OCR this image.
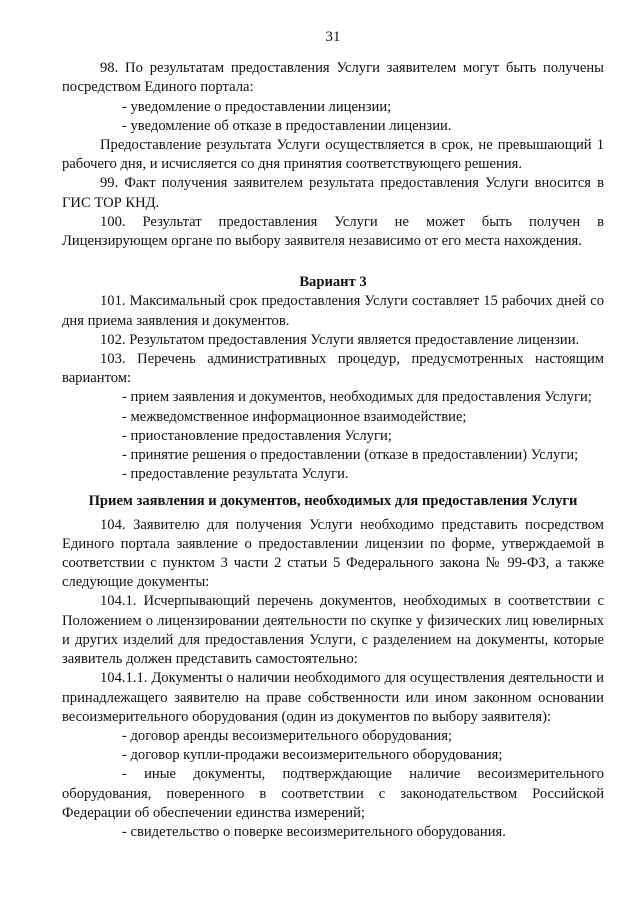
31

98. По результатам предоставления Услуги заявителем могут быть получены посредством Единого портала:

- уведомление о предоставлении лицензии;

- уведомление об отказе в предоставлении лицензии.

Предоставление результата Услуги осуществляется в срок, не превышающий 1 рабочего дня, и исчисляется со дня принятия соответствующего решения.

99. Факт получения заявителем результата предоставления Услуги вносится в ГИС ТОР КНД.

100. Результат предоставления Услуги не может быть получен в Лицензирующем органе по выбору заявителя независимо от его места нахождения.

Вариант 3

101. Максимальный срок предоставления Услуги составляет 15 рабочих дней со дня приема заявления и документов.

102. Результатом предоставления Услуги является предоставление лицензии.

103. Перечень административных процедур, предусмотренных настоящим вариантом:

- прием заявления и документов, необходимых для предоставления Услуги;

- межведомственное информационное взаимодействие;

- приостановление предоставления Услуги;

- принятие решения о предоставлении (отказе в предоставлении) Услуги;

- предоставление результата Услуги.

Прием заявления и документов, необходимых для предоставления Услуги

104. Заявителю для получения Услуги необходимо представить посредством Единого портала заявление о предоставлении лицензии по форме, утверждаемой в соответствии с пунктом 3 части 2 статьи 5 Федерального закона № 99-ФЗ, а также следующие документы:

104.1. Исчерпывающий перечень документов, необходимых в соответствии с Положением о лицензировании деятельности по скупке у физических лиц ювелирных и других изделий для предоставления Услуги, с разделением на документы, которые заявитель должен представить самостоятельно:

104.1.1. Документы о наличии необходимого для осуществления деятельности и принадлежащего заявителю на праве собственности или ином законном основании весоизмерительного оборудования (один из документов по выбору заявителя):

- договор аренды весоизмерительного оборудования;

- договор купли-продажи весоизмерительного оборудования;

- иные документы, подтверждающие наличие весоизмерительного оборудования, поверенного в соответствии с законодательством Российской Федерации об обеспечении единства измерений;

- свидетельство о поверке весоизмерительного оборудования.
